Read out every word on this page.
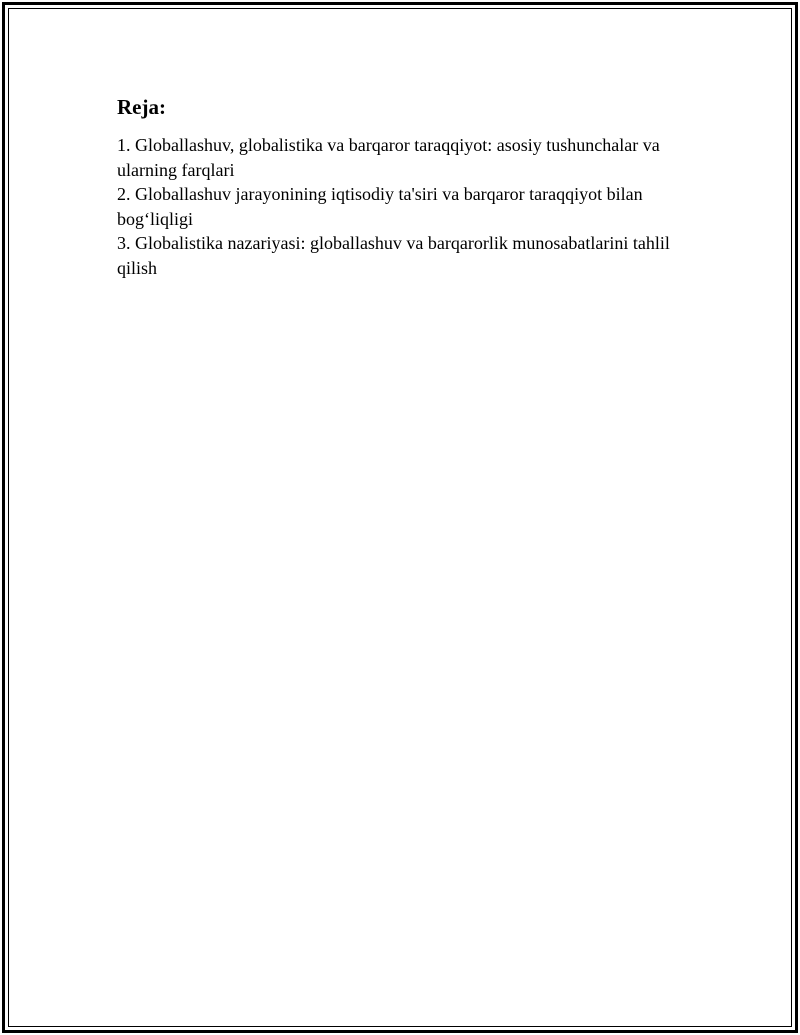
Reja:
1. Globallashuv, globalistika va barqaror taraqqiyot: asosiy tushunchalar va ularning farqlari
2. Globallashuv jarayonining iqtisodiy ta'siri va barqaror taraqqiyot bilan bog‘liqligi
3. Globalistika nazariyasi: globallashuv va barqarorlik munosabatlarini tahlil qilish
